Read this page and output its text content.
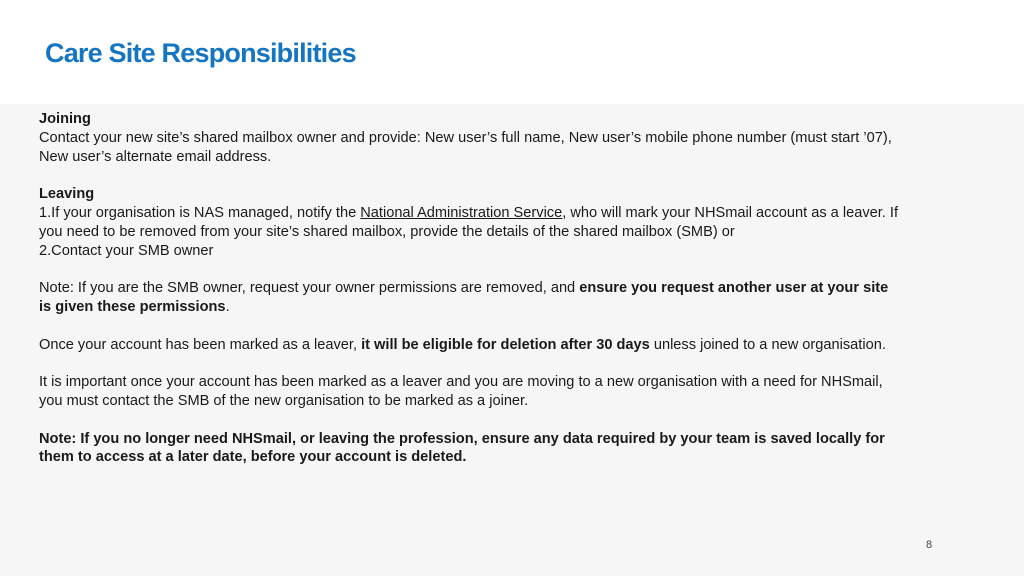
Care Site Responsibilities
Joining
Contact your new site’s shared mailbox owner and provide: New user’s full name, New user’s mobile phone number (must start ’07), New user’s alternate email address.
Leaving
1.If your organisation is NAS managed, notify the National Administration Service, who will mark your NHSmail account as a leaver. If you need to be removed from your site’s shared mailbox, provide the details of the shared mailbox (SMB) or
2.Contact your SMB owner
Note: If you are the SMB owner, request your owner permissions are removed, and ensure you request another user at your site is given these permissions.
Once your account has been marked as a leaver, it will be eligible for deletion after 30 days unless joined to a new organisation.
It is important once your account has been marked as a leaver and you are moving to a new organisation with a need for NHSmail, you must contact the SMB of the new organisation to be marked as a joiner.
Note: If you no longer need NHSmail, or leaving the profession, ensure any data required by your team is saved locally for them to access at a later date, before your account is deleted.
8
